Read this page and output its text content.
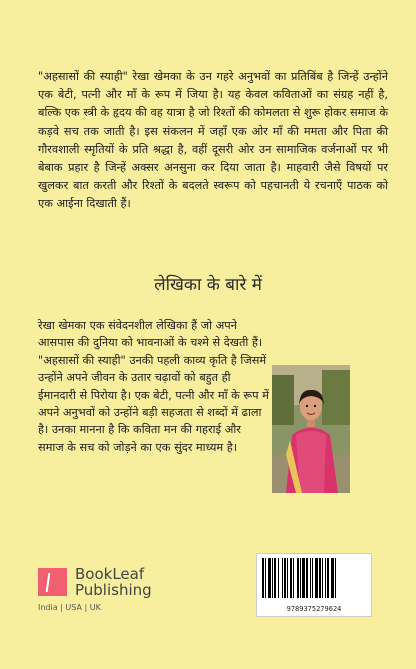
"अहसासों की स्याही" रेखा खेमका के उन गहरे अनुभवों का प्रतिबिंब है जिन्हें उन्होंने एक बेटी, पत्नी और माँ के रूप में जिया है। यह केवल कविताओं का संग्रह नहीं है, बल्कि एक स्त्री के हृदय की वह यात्रा है जो रिश्तों की कोमलता से शुरू होकर समाज के कड़वे सच तक जाती है। इस संकलन में जहाँ एक ओर माँ की ममता और पिता की गौरवशाली स्मृतियों के प्रति श्रद्धा है, वहीं दूसरी ओर उन सामाजिक वर्जनाओं पर भी बेबाक प्रहार है जिन्हें अक्सर अनसुना कर दिया जाता है। माहवारी जैसे विषयों पर खुलकर बात करती और रिश्तों के बदलते स्वरूप को पहचानती ये रचनाएँ पाठक को एक आईना दिखाती हैं।
लेखिका के बारे में
रेखा खेमका एक संवेदनशील लेखिका हैं जो अपने आसपास की दुनिया को भावनाओं के चश्मे से देखती हैं। "अहसासों की स्याही" उनकी पहली काव्य कृति है जिसमें उन्होंने अपने जीवन के उतार चढ़ावों को बहुत ही ईमानदारी से पिरोया है। एक बेटी, पत्नी और माँ के रूप में अपने अनुभवों को उन्होंने बड़ी सहजता से शब्दों में ढाला है। उनका मानना है कि कविता मन की गहराई और समाज के सच को जोड़ने का एक सुंदर माध्यम है।
BookLeaf
Publishing
India | USA | UK	9789375279624
